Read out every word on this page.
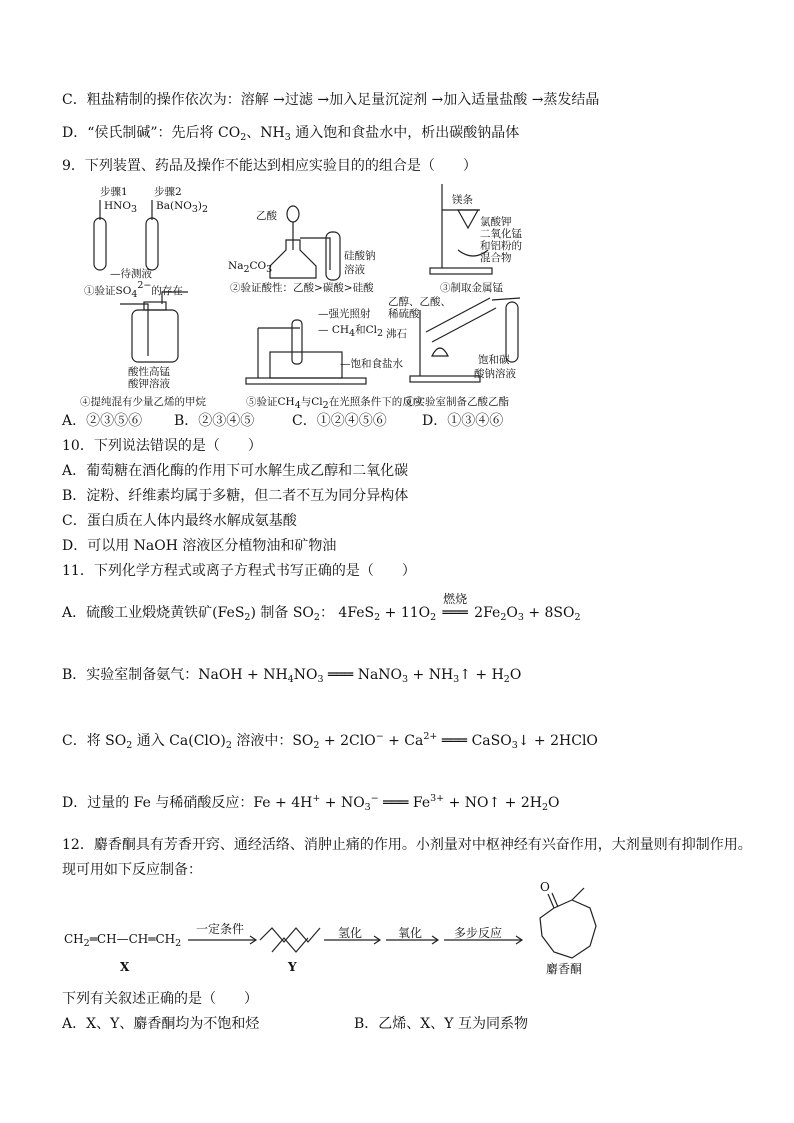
C．粗盐精制的操作依次为：溶解 →过滤 →加入足量沉淀剂 →加入适量盐酸 →蒸发结晶
D．“侯氏制碱”：先后将 $CO_2$、$NH_3$ 通入饱和食盐水中，析出碳酸钠晶体
9．下列装置、药品及操作不能达到相应实验目的的组合是（　　）
步骤1	步骤2
HNO3 Ba(NO3)2
—待测液
①验证SO42−的存在
乙酸
Na2CO3
硅酸钠
溶液
②验证酸性：乙酸>碳酸>硅酸
镁条
氯酸钾
二氧化锰
和铝粉的
混合物
③制取金属锰
酸性高锰
酸钾溶液
④提纯混有少量乙烯的甲烷
—强光照射
— CH4和Cl2
—饱和食盐水
⑤验证CH4与Cl2在光照条件下的反应
乙醇、乙酸、
稀硫酸
沸石
饱和碳
酸钠溶液
⑥实验室制备乙酸乙酯
A．②③⑤⑥ B．②③④⑤	C．①②④⑤⑥	D．①③④⑥
10．下列说法错误的是（　　）
A．葡萄糖在酒化酶的作用下可水解生成乙醇和二氧化碳
B．淀粉、纤维素均属于多糖，但二者不互为同分异构体
C．蛋白质在人体内最终水解成氨基酸
D．可以用 NaOH 溶液区分植物油和矿物油
11．下列化学方程式或离子方程式书写正确的是（　　）
A．硫酸工业煅烧黄铁矿(FeS$_2$) 制备 $SO_2$： $4FeS_2 + 11O_2$
燃烧
═══ $2Fe_2O_3 + 8SO_2$
B．实验室制备氨气：NaOH + $NH_4NO_3$ ═══ NaNO$_3$ + $NH_3↑ + H_2O$
C．将 $SO_2$ 通入 $Ca(ClO)_2$ 溶液中：$SO_2 + 2ClO^- + Ca^{2+}$ ═══ CaSO$_3$↓ + 2HClO
D．过量的 Fe 与稀硝酸反应：$Fe + 4H^+ + NO_3^-$ ═══ $Fe^{3+}$ + NO↑ + $2H_2O$
12．麝香酮具有芳香开窍、通经活络、消肿止痛的作用。小剂量对中枢神经有兴奋作用，大剂量则有抑制作用。
现可用如下反应制备：
$CH_2═CH—CH═CH_2$
X
一定条件
Y
氢化	氧化	多步反应
O
麝香酮
下列有关叙述正确的是（　　）
A．X、Y、麝香酮均为不饱和烃	B．乙烯、X、Y 互为同系物
